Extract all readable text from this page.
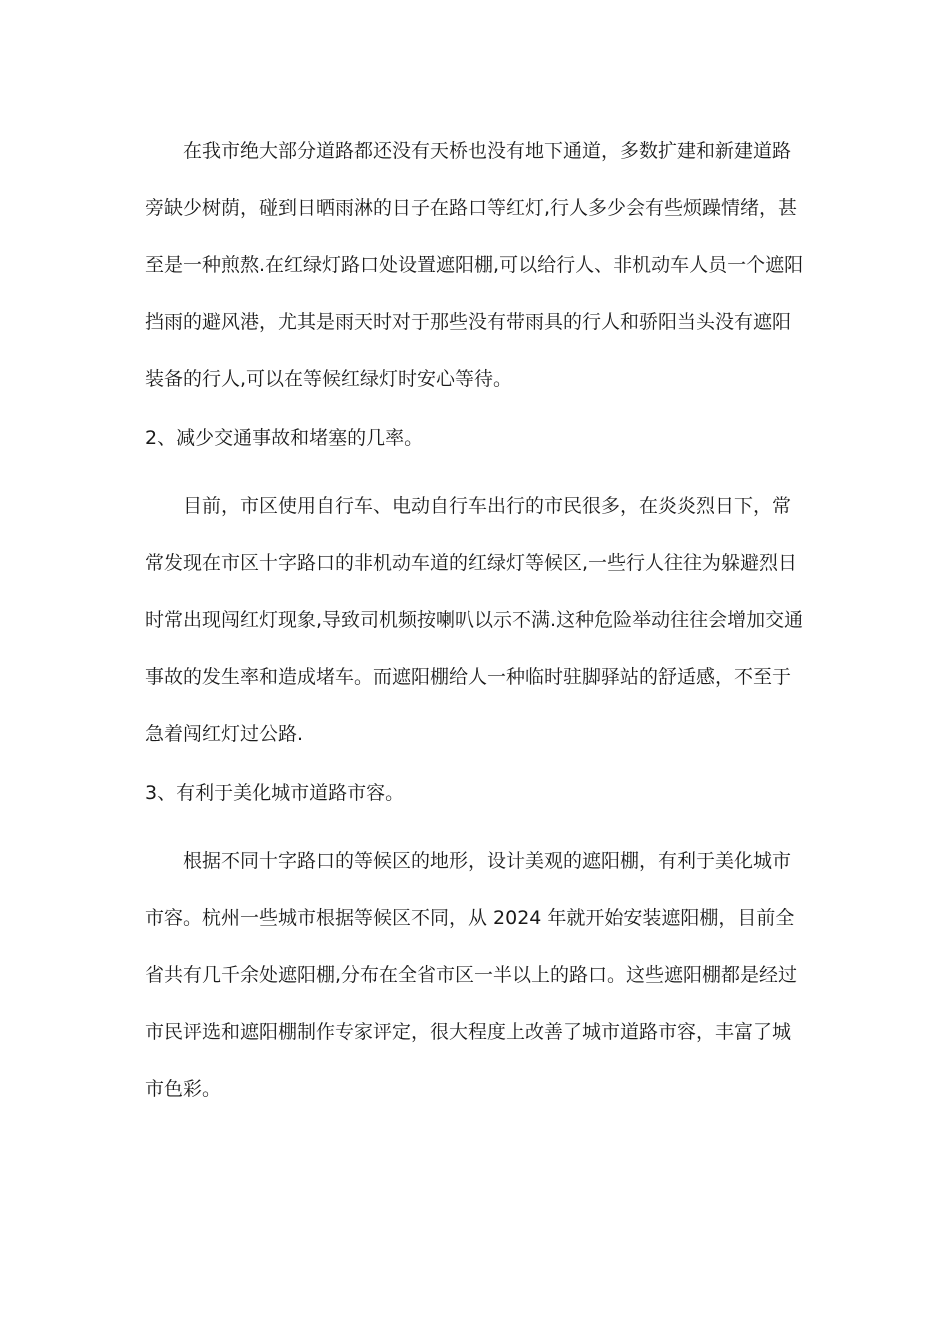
在我市绝大部分道路都还没有天桥也没有地下通道，多数扩建和新建道路
旁缺少树荫，碰到日晒雨淋的日子在路口等红灯,行人多少会有些烦躁情绪，甚
至是一种煎熬.在红绿灯路口处设置遮阳棚,可以给行人、非机动车人员一个遮阳
挡雨的避风港，尤其是雨天时对于那些没有带雨具的行人和骄阳当头没有遮阳
装备的行人,可以在等候红绿灯时安心等待。
2、减少交通事故和堵塞的几率。
目前，市区使用自行车、电动自行车出行的市民很多，在炎炎烈日下，常
常发现在市区十字路口的非机动车道的红绿灯等候区,一些行人往往为躲避烈日
时常出现闯红灯现象,导致司机频按喇叭以示不满.这种危险举动往往会增加交通
事故的发生率和造成堵车。而遮阳棚给人一种临时驻脚驿站的舒适感，不至于
急着闯红灯过公路.
3、有利于美化城市道路市容。
根据不同十字路口的等候区的地形，设计美观的遮阳棚，有利于美化城市
市容。杭州一些城市根据等候区不同，从 2024 年就开始安装遮阳棚，目前全
省共有几千余处遮阳棚,分布在全省市区一半以上的路口。这些遮阳棚都是经过
市民评选和遮阳棚制作专家评定，很大程度上改善了城市道路市容，丰富了城
市色彩。
